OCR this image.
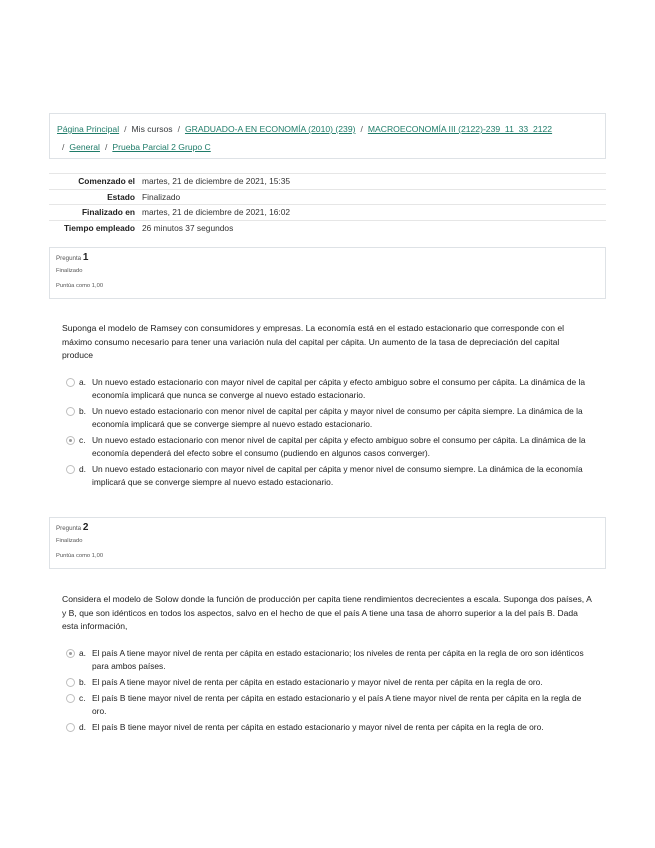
Página Principal / Mis cursos / GRADUADO-A EN ECONOMÍA (2010) (239) / MACROECONOMÍA III (2122)-239_11_33_2122
/ General / Prueba Parcial 2 Grupo C
Comenzado el	martes, 21 de diciembre de 2021, 15:35
Estado	Finalizado
Finalizado en	martes, 21 de diciembre de 2021, 16:02
Tiempo empleado	26 minutos 37 segundos
Pregunta 1
Finalizado
Puntúa como 1,00
Suponga el modelo de Ramsey con consumidores y empresas. La economía está en el estado estacionario que corresponde con el máximo consumo necesario para tener una variación nula del capital per cápita. Un aumento de la tasa de depreciación del capital produce
a. Un nuevo estado estacionario con mayor nivel de capital per cápita y efecto ambiguo sobre el consumo per cápita. La dinámica de la economía implicará que nunca se converge al nuevo estado estacionario.
b. Un nuevo estado estacionario con menor nivel de capital per cápita y mayor nivel de consumo per cápita siempre. La dinámica de la economía implicará que se converge siempre al nuevo estado estacionario.
c. Un nuevo estado estacionario con menor nivel de capital per cápita y efecto ambiguo sobre el consumo per cápita. La dinámica de la economía dependerá del efecto sobre el consumo (pudiendo en algunos casos converger).
d. Un nuevo estado estacionario con mayor nivel de capital per cápita y menor nivel de consumo siempre. La dinámica de la economía implicará que se converge siempre al nuevo estado estacionario.
Pregunta 2
Finalizado
Puntúa como 1,00
Considera el modelo de Solow donde la función de producción per capita tiene rendimientos decrecientes a escala. Suponga dos países, A y B, que son idénticos en todos los aspectos, salvo en el hecho de que el país A tiene una tasa de ahorro superior a la del país B. Dada esta información,
a. El país A tiene mayor nivel de renta per cápita en estado estacionario; los niveles de renta per cápita en la regla de oro son idénticos para ambos países.
b. El país A tiene mayor nivel de renta per cápita en estado estacionario y mayor nivel de renta per cápita en la regla de oro.
c. El país B tiene mayor nivel de renta per cápita en estado estacionario y el país A tiene mayor nivel de renta per cápita en la regla de oro.
d. El país B tiene mayor nivel de renta per cápita en estado estacionario y mayor nivel de renta per cápita en la regla de oro.
